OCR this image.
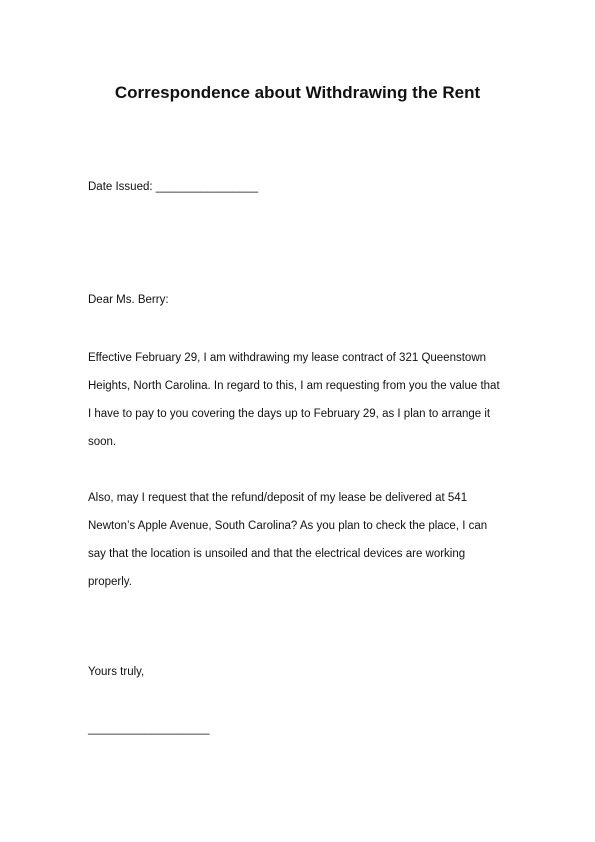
Correspondence about Withdrawing the Rent
Date Issued: ________________
Dear Ms. Berry:
Effective February 29, I am withdrawing my lease contract of 321 Queenstown
Heights, North Carolina. In regard to this, I am requesting from you the value that
I have to pay to you covering the days up to February 29, as I plan to arrange it
soon.
Also, may I request that the refund/deposit of my lease be delivered at 541
Newton’s Apple Avenue, South Carolina? As you plan to check the place, I can
say that the location is unsoiled and that the electrical devices are working
properly.
Yours truly,
___________________
